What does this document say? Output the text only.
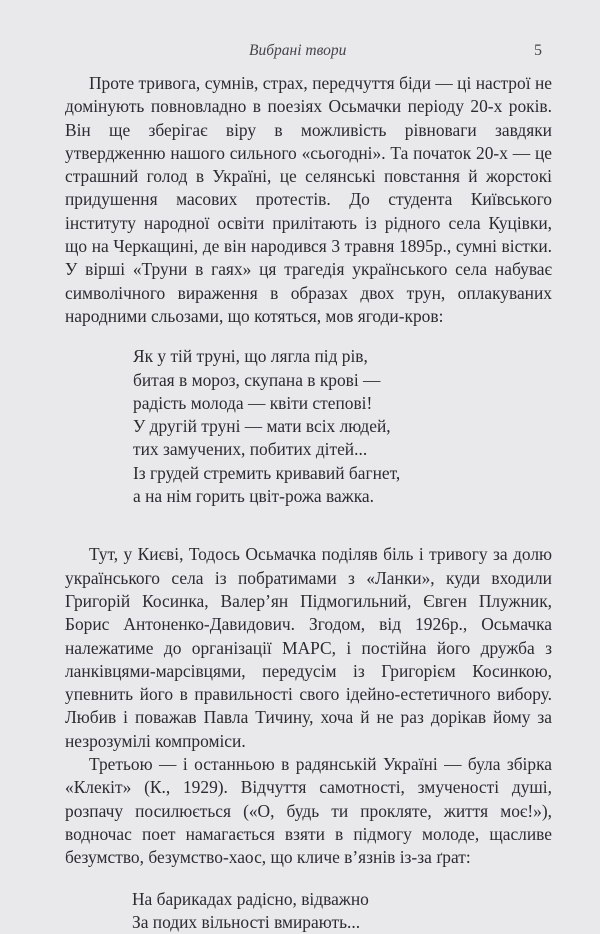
Вибрані твори	5

Проте тривога, сумнів, страх, передчуття біди — ці настрої не домінують повновладно в поезіях Осьмачки періоду 20-х років. Він ще зберігає віру в можливість рівноваги завдяки утвердженню нашого сильного «сьогодні». Та початок 20-х — це страшний голод в Україні, це селянські повстання й жорстокі придушення масових протестів. До студента Київського інституту народної освіти прилітають із рідного села Куцівки, що на Черкащині, де він народився 3 травня 1895р., сумні вістки. У вірші «Труни в гаях» ця трагедія українського села набуває символічного вираження в образах двох трун, оплакуваних народними сльозами, що котяться, мов ягоди-кров:

Як у тій труні, що лягла під рів,
битая в мороз, скупана в крові —
радість молода — квіти степові!
У другій труні — мати всіх людей,
тих замучених, побитих дітей...
Із грудей стремить кривавий багнет,
а на нім горить цвіт-рожа важка.

Тут, у Києві, Тодось Осьмачка поділяв біль і тривогу за долю українського села із побратимами з «Ланки», куди входили Григорій Косинка, Валер’ян Підмогильний, Євген Плужник, Борис Антоненко-Давидович. Згодом, від 1926р., Осьмачка належатиме до організації МАРС, і постійна його дружба з ланківцями-марсівцями, передусім із Григорієм Косинкою, упевнить його в правильності свого ідейно-естетичного вибору. Любив і поважав Павла Тичину, хоча й не раз дорікав йому за незрозумілі компроміси.

Третьою — і останньою в радянській Україні — була збірка «Клекіт» (К., 1929). Відчуття самотності, змученості душі, розпачу посилюється («О, будь ти прокляте, життя моє!»), водночас поет намагається взяти в підмогу молоде, щасливе безумство, безумство-хаос, що кличе в’язнів із-за ґрат:

На барикадах радісно, відважно
За подих вільності вмирають...
